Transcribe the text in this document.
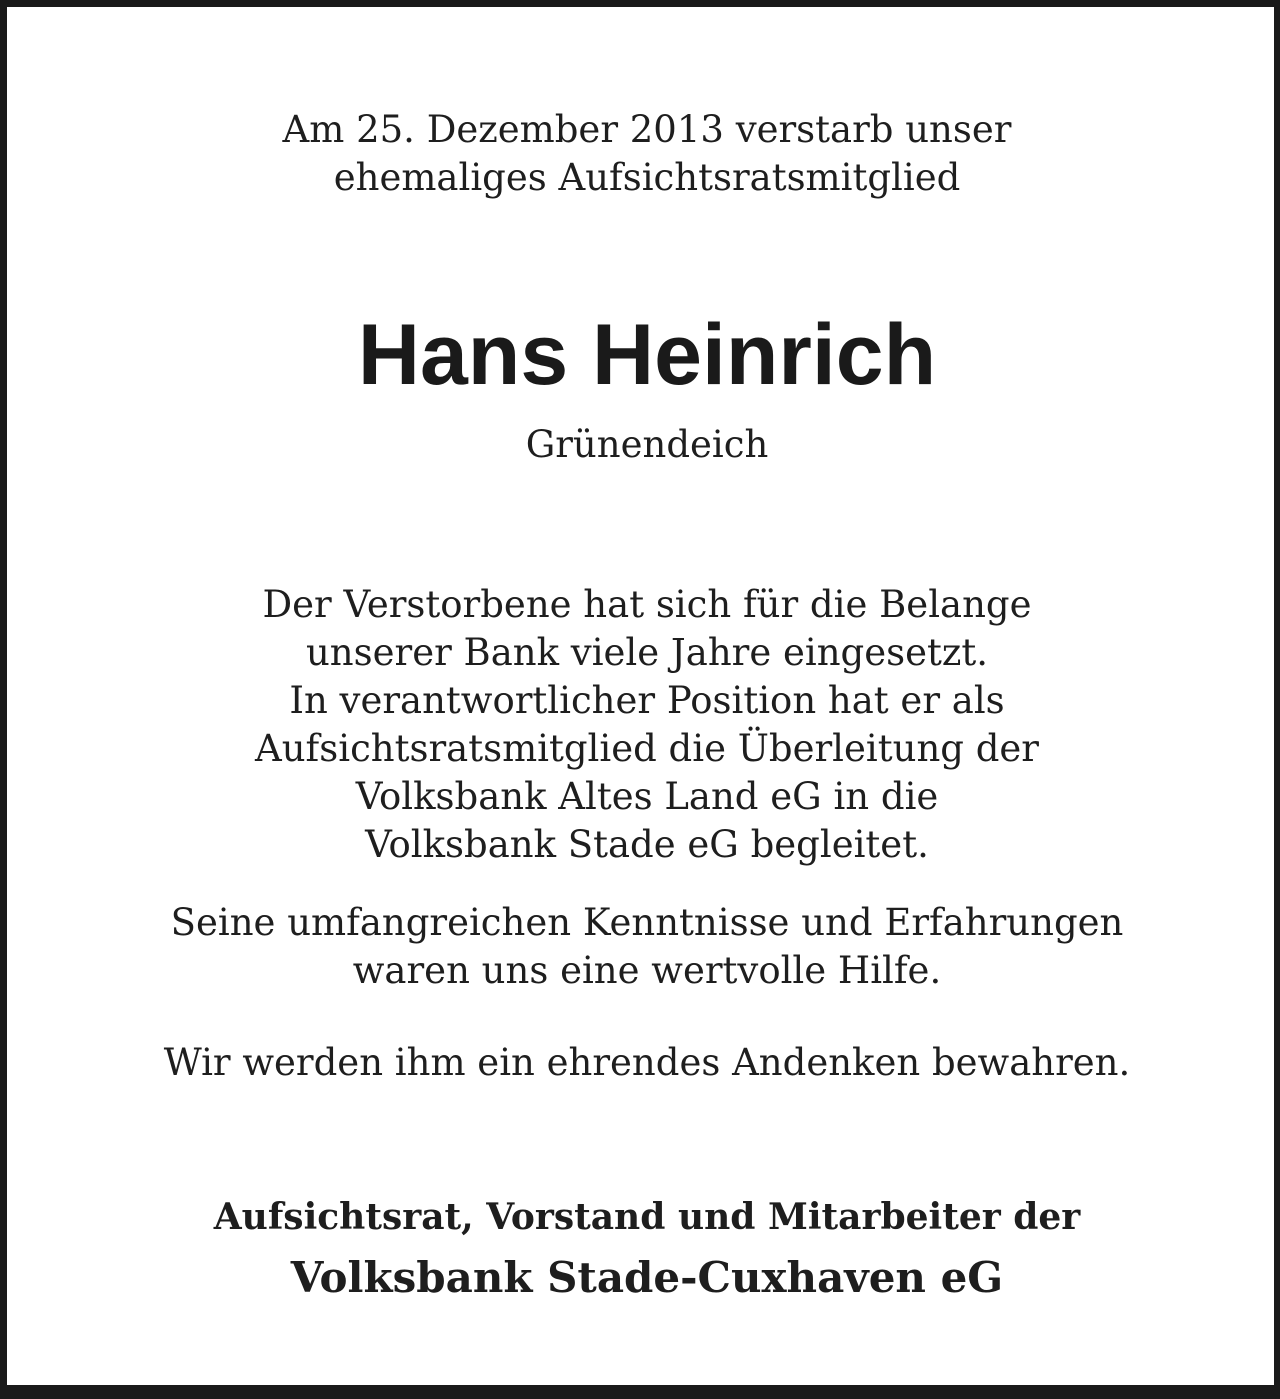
Am 25. Dezember 2013 verstarb unser
ehemaliges Aufsichtsratsmitglied
Hans Heinrich
Grünendeich
Der Verstorbene hat sich für die Belange
unserer Bank viele Jahre eingesetzt.
In verantwortlicher Position hat er als
Aufsichtsratsmitglied die Überleitung der
Volksbank Altes Land eG in die
Volksbank Stade eG begleitet.
Seine umfangreichen Kenntnisse und Erfahrungen
waren uns eine wertvolle Hilfe.
Wir werden ihm ein ehrendes Andenken bewahren.
Aufsichtsrat, Vorstand und Mitarbeiter der
Volksbank Stade-Cuxhaven eG
